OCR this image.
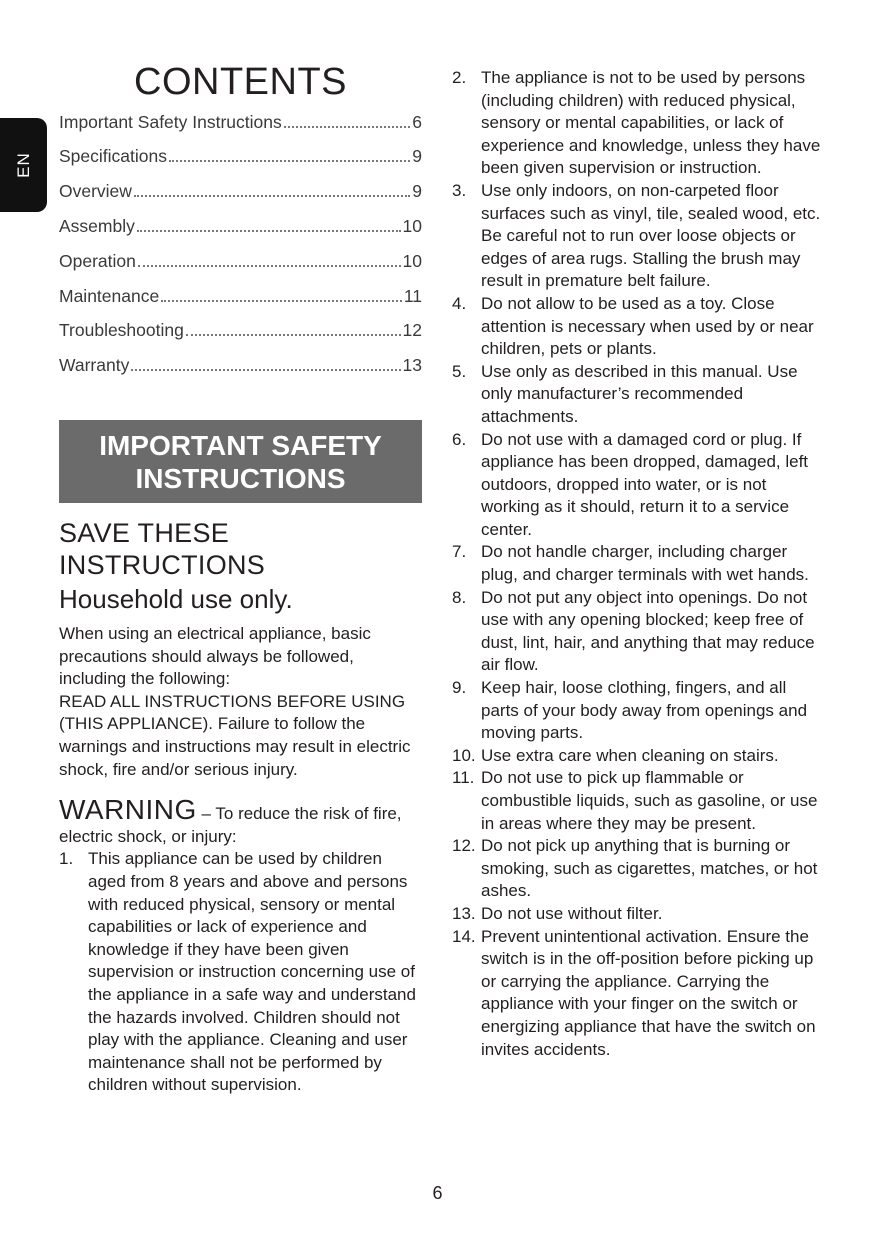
EN
CONTENTS
Important Safety Instructions	6
Specifications	9
Overview	9
Assembly	10
Operation	10
Maintenance	11
Troubleshooting	12
Warranty	13
IMPORTANT SAFETY
INSTRUCTIONS
SAVE THESE INSTRUCTIONS
Household use only.

When using an electrical appliance, basic precautions should always be followed, including the following:

READ ALL INSTRUCTIONS BEFORE USING (THIS APPLIANCE). Failure to follow the warnings and instructions may result in electric shock, fire and/or serious injury.

WARNING – To reduce the risk of fire, electric shock, or injury:
1. This appliance can be used by children aged from 8 years and above and persons with reduced physical, sensory or mental capabilities or lack of experience and knowledge if they have been given supervision or instruction concerning use of the appliance in a safe way and understand the hazards involved. Children should not play with the appliance. Cleaning and user maintenance shall not be performed by children without supervision.
2. The appliance is not to be used by persons (including children) with reduced physical, sensory or mental capabilities, or lack of experience and knowledge, unless they have been given supervision or instruction.
3. Use only indoors, on non-carpeted floor surfaces such as vinyl, tile, sealed wood, etc. Be careful not to run over loose objects or edges of area rugs. Stalling the brush may result in premature belt failure.
4. Do not allow to be used as a toy. Close attention is necessary when used by or near children, pets or plants.
5. Use only as described in this manual. Use only manufacturer’s recommended attachments.
6. Do not use with a damaged cord or plug. If appliance has been dropped, damaged, left outdoors, dropped into water, or is not working as it should, return it to a service center.
7. Do not handle charger, including charger plug, and charger terminals with wet hands.
8. Do not put any object into openings. Do not use with any opening blocked; keep free of dust, lint, hair, and anything that may reduce air flow.
9. Keep hair, loose clothing, fingers, and all parts of your body away from openings and moving parts.
10. Use extra care when cleaning on stairs.
11. Do not use to pick up flammable or combustible liquids, such as gasoline, or use in areas where they may be present.
12. Do not pick up anything that is burning or smoking, such as cigarettes, matches, or hot ashes.
13. Do not use without filter.
14. Prevent unintentional activation. Ensure the switch is in the off-position before picking up or carrying the appliance. Carrying the appliance with your finger on the switch or energizing appliance that have the switch on invites accidents.
6
